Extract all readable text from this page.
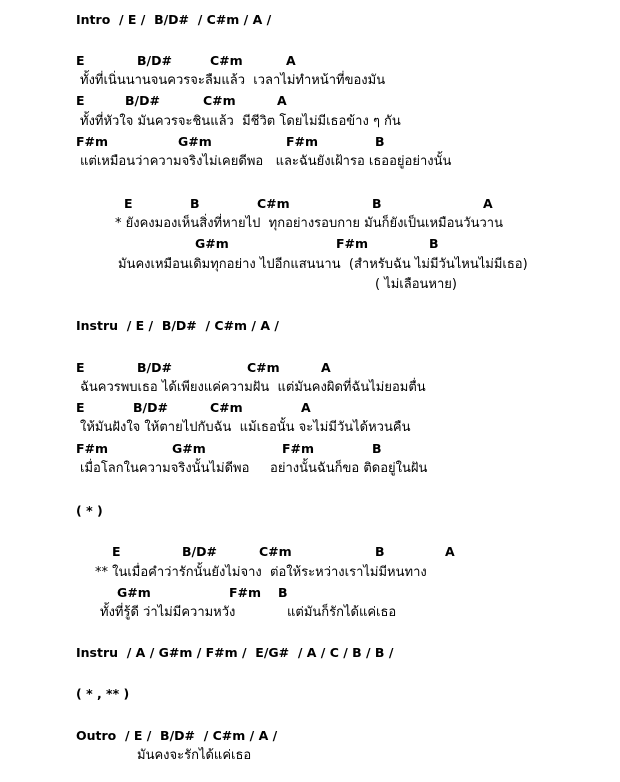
Intro / E /  B/D#  / C#m / A /
E	B/D#	C#m	A
ทั้งที่เนิ่นนานจนควรจะลืมแล้ว  เวลาไม่ทำหน้าที่ของมัน
E	B/D#	C#m	A
ทั้งที่หัวใจ มันควรจะชินแล้ว  มีชีวิต โดยไม่มีเธอข้าง ๆ กัน
F#m	G#m	F#m	B
แต่เหมือนว่าความจริงไม่เคยดีพอ   และฉันยังเฝ้ารอ เธออยู่อย่างนั้น
E	B	C#m	B	A
* ยังคงมองเห็นสิ่งที่หายไป  ทุกอย่างรอบกาย มันก็ยังเป็นเหมือนวันวาน
G#m	F#m	B
มันคงเหมือนเดิมทุกอย่าง ไปอีกแสนนาน  (สำหรับฉัน ไม่มีวันไหนไม่มีเธอ)
( ไม่เลือนหาย)
Instru / E /  B/D#  / C#m / A /
E	B/D#	C#m	A
ฉันควรพบเธอ ได้เพียงแค่ความฝัน  แต่มันคงผิดที่ฉันไม่ยอมตื่น
E	B/D#	C#m	A
ให้มันฝังใจ ให้ตายไปกับฉัน  แม้เธอนั้น จะไม่มีวันได้หวนคืน
F#m	G#m	F#m	B
เมื่อโลกในความจริงนั้นไม่ดีพอ     อย่างนั้นฉันก็ขอ ติดอยู่ในฝัน
( * )
E	B/D#	C#m	B	A
** ในเมื่อคำว่ารักนั้นยังไม่จาง  ต่อให้ระหว่างเราไม่มีหนทาง
G#m	F#m B
ทั้งที่รู้ดี ว่าไม่มีความหวัง	แต่มันก็รักได้แค่เธอ
Instru / A / G#m / F#m /  E/G#  / A / C / B / B /
( * , ** )
Outro / E /  B/D#  / C#m / A /
มันคงจะรักได้แค่เธอ
